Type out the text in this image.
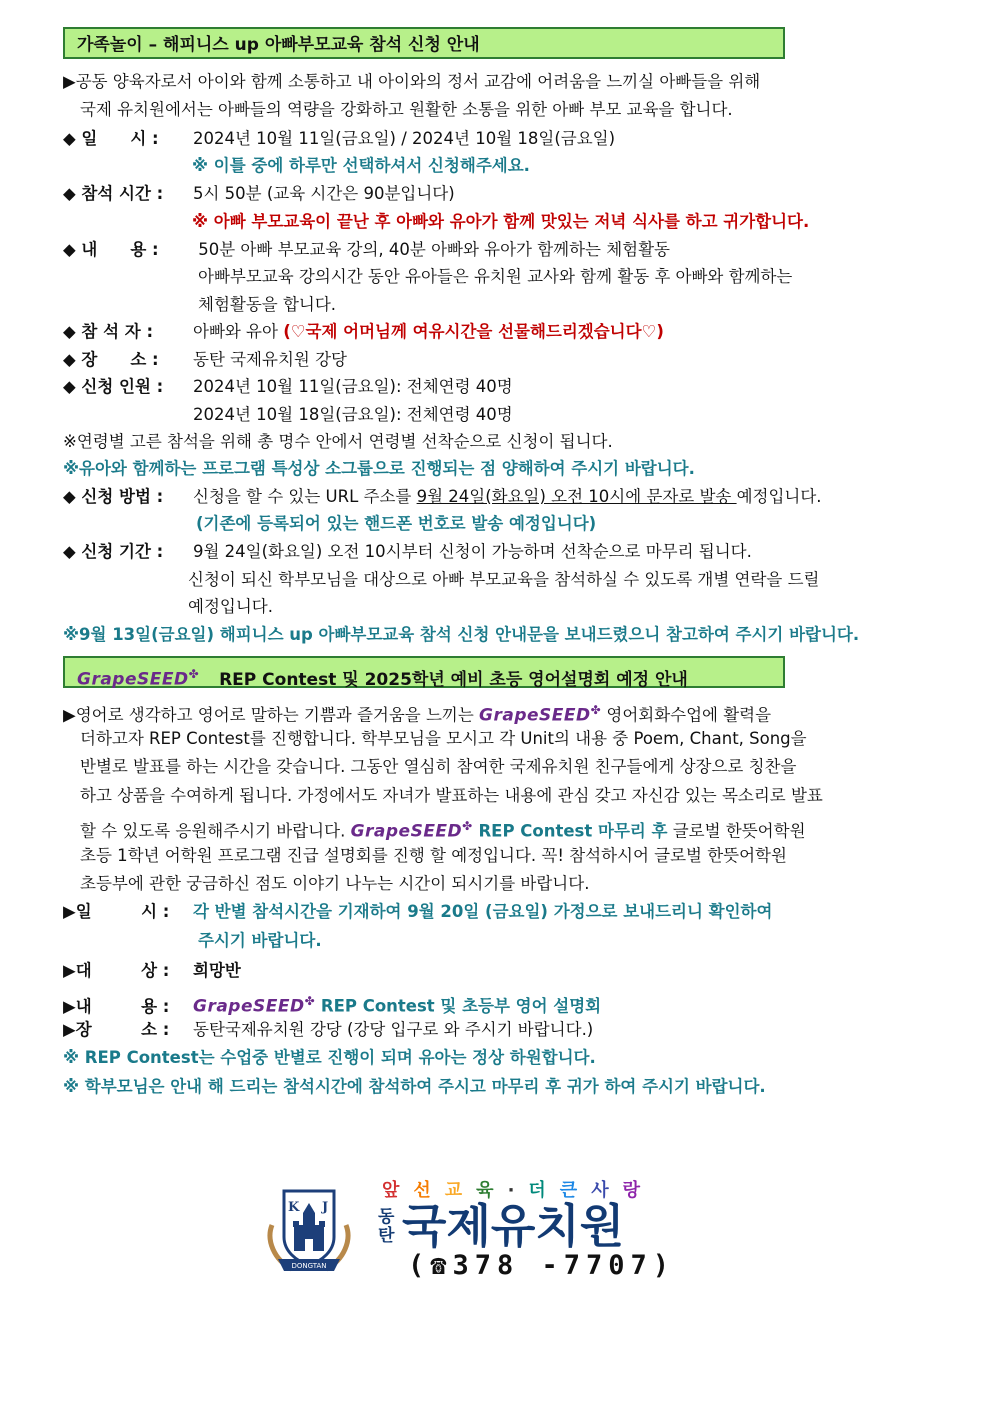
가족놀이 – 해피니스 up 아빠부모교육 참석 신청 안내
▶공동 양육자로서 아이와 함께 소통하고 내 아이와의 정서 교감에 어려움을 느끼실 아빠들을 위해
국제 유치원에서는 아빠들의 역량을 강화하고 원활한 소통을 위한 아빠 부모 교육을 합니다.
◆ 일　　시 : 2024년 10월 11일(금요일) / 2024년 10월 18일(금요일)
※ 이틀 중에 하루만 선택하셔서 신청해주세요.
◆ 참석 시간 : 5시 50분 (교육 시간은 90분입니다)
※ 아빠 부모교육이 끝난 후 아빠와 유아가 함께 맛있는 저녁 식사를 하고 귀가합니다.
◆ 내　　용 : 50분 아빠 부모교육 강의, 40분 아빠와 유아가 함께하는 체험활동
아빠부모교육 강의시간 동안 유아들은 유치원 교사와 함께 활동 후 아빠와 함께하는
체험활동을 합니다.
◆ 참 석 자 : 아빠와 유아 (♡국제 어머님께 여유시간을 선물해드리겠습니다♡)
◆ 장　　소 : 동탄 국제유치원 강당
◆ 신청 인원 : 2024년 10월 11일(금요일): 전체연령 40명
2024년 10월 18일(금요일): 전체연령 40명
※연령별 고른 참석을 위해 총 명수 안에서 연령별 선착순으로 신청이 됩니다.
※유아와 함께하는 프로그램 특성상 소그룹으로 진행되는 점 양해하여 주시기 바랍니다.
◆ 신청 방법 : 신청을 할 수 있는 URL 주소를 9월 24일(화요일) 오전 10시에 문자로 발송 예정입니다.
(기존에 등록되어 있는 핸드폰 번호로 발송 예정입니다)
◆ 신청 기간 : 9월 24일(화요일) 오전 10시부터 신청이 가능하며 선착순으로 마무리 됩니다.
신청이 되신 학부모님을 대상으로 아빠 부모교육을 참석하실 수 있도록 개별 연락을 드릴
예정입니다.
※9월 13일(금요일) 해피니스 up 아빠부모교육 참석 신청 안내문을 보내드렸으니 참고하여 주시기 바랍니다.
GrapeSEED✤ REP Contest 및 2025학년 예비 초등 영어설명회 예정 안내
▶영어로 생각하고 영어로 말하는 기쁨과 즐거움을 느끼는 GrapeSEED✤ 영어회화수업에 활력을
더하고자 REP Contest를 진행합니다. 학부모님을 모시고 각 Unit의 내용 중 Poem, Chant, Song을
반별로 발표를 하는 시간을 갖습니다. 그동안 열심히 참여한 국제유치원 친구들에게 상장으로 칭찬을
하고 상품을 수여하게 됩니다. 가정에서도 자녀가 발표하는 내용에 관심 갖고 자신감 있는 목소리로 발표
할 수 있도록 응원해주시기 바랍니다. GrapeSEED✤ REP Contest 마무리 후 글로벌 한뜻어학원
초등 1학년 어학원 프로그램 진급 설명회를 진행 할 예정입니다. 꼭! 참석하시어 글로벌 한뜻어학원
초등부에 관한 궁금하신 점도 이야기 나누는 시간이 되시기를 바랍니다.
▶일　　　시 : 각 반별 참석시간을 기재하여 9월 20일 (금요일) 가정으로 보내드리니 확인하여
주시기 바랍니다.
▶대　　　상 : 희망반
▶내　　　용 : GrapeSEED✤ REP Contest 및 초등부 영어 설명회
▶장　　　소 : 동탄국제유치원 강당 (강당 입구로 와 주시기 바랍니다.)
※ REP Contest는 수업중 반별로 진행이 되며 유아는 정상 하원합니다.
※ 학부모님은 안내 해 드리는 참석시간에 참석하여 주시고 마무리 후 귀가 하여 주시기 바랍니다.
K J
DONGTAN
앞 선 교 육 · 더 큰 사 랑
동
탄 국제유치원
(☎378 -7707)
